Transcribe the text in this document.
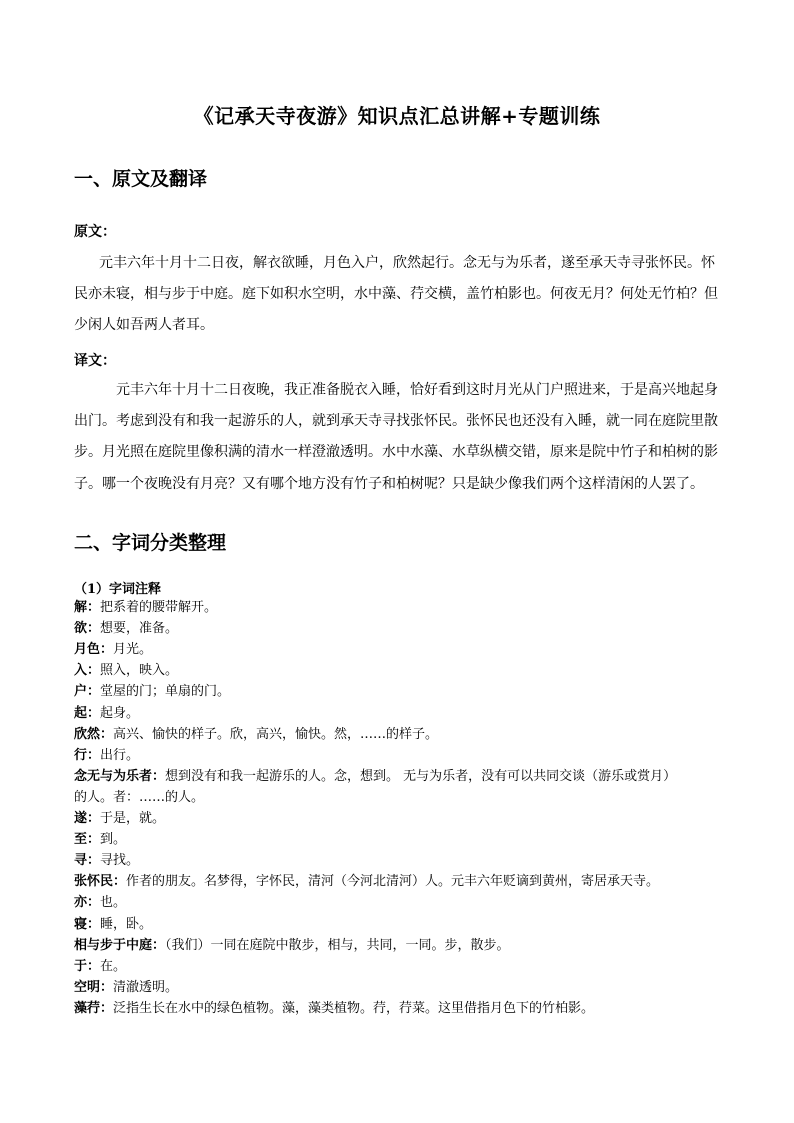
《记承天寺夜游》知识点汇总讲解+专题训练
一、原文及翻译
原文：
元丰六年十月十二日夜，解衣欲睡，月色入户，欣然起行。念无与为乐者，遂至承天寺寻张怀民。怀
民亦未寝，相与步于中庭。庭下如积水空明，水中藻、荇交横，盖竹柏影也。何夜无月？何处无竹柏？但
少闲人如吾两人者耳。
译文：
元丰六年十月十二日夜晚，我正准备脱衣入睡，恰好看到这时月光从门户照进来，于是高兴地起身
出门。考虑到没有和我一起游乐的人，就到承天寺寻找张怀民。张怀民也还没有入睡，就一同在庭院里散
步。月光照在庭院里像积满的清水一样澄澈透明。水中水藻、水草纵横交错，原来是院中竹子和柏树的影
子。哪一个夜晚没有月亮？又有哪个地方没有竹子和柏树呢？只是缺少像我们两个这样清闲的人罢了。
二、字词分类整理
（1）字词注释
解：把系着的腰带解开。
欲：想要，准备。
月色：月光。
入：照入，映入。
户：堂屋的门；单扇的门。
起：起身。
欣然：高兴、愉快的样子。欣，高兴，愉快。然，……的样子。
行：出行。
念无与为乐者：想到没有和我一起游乐的人。念，想到。 无与为乐者，没有可以共同交谈（游乐或赏月）
的人。者：……的人。
遂：于是，就。
至：到。
寻：寻找。
张怀民：作者的朋友。名梦得，字怀民，清河（今河北清河）人。元丰六年贬谪到黄州，寄居承天寺。
亦：也。
寝：睡，卧。
相与步于中庭：（我们）一同在庭院中散步，相与，共同，一同。步，散步。
于：在。
空明：清澈透明。
藻荇：泛指生长在水中的绿色植物。藻，藻类植物。荇，荇菜。这里借指月色下的竹柏影。
